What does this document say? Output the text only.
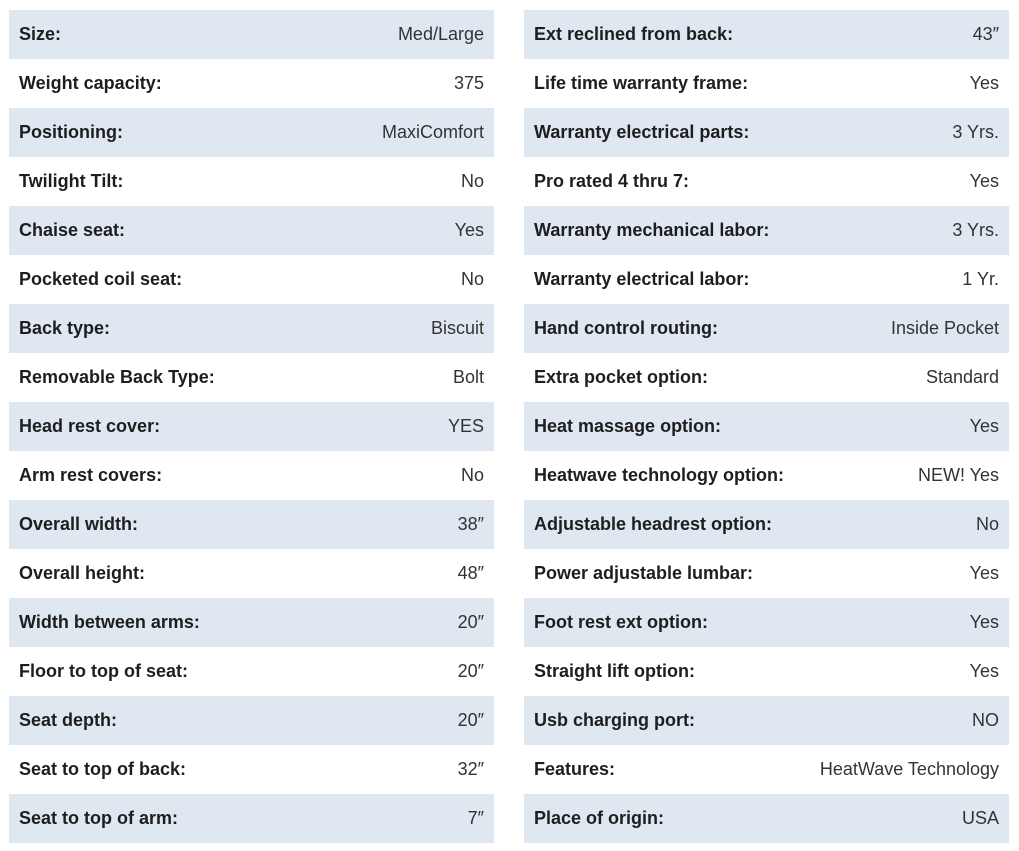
Size:	Med/Large
Weight capacity:	375
Positioning:	MaxiComfort
Twilight Tilt:	No
Chaise seat:	Yes
Pocketed coil seat:	No
Back type:	Biscuit
Removable Back Type:	Bolt
Head rest cover:	YES
Arm rest covers:	No
Overall width:	38″
Overall height:	48″
Width between arms:	20″
Floor to top of seat:	20″
Seat depth:	20″
Seat to top of back:	32″
Seat to top of arm:	7″
Ext reclined from back:	43″
Life time warranty frame:	Yes
Warranty electrical parts:	3 Yrs.
Pro rated 4 thru 7:	Yes
Warranty mechanical labor:	3 Yrs.
Warranty electrical labor:	1 Yr.
Hand control routing:	Inside Pocket
Extra pocket option:	Standard
Heat massage option:	Yes
Heatwave technology option:	NEW! Yes
Adjustable headrest option:	No
Power adjustable lumbar:	Yes
Foot rest ext option:	Yes
Straight lift option:	Yes
Usb charging port:	NO
Features:	HeatWave Technology
Place of origin:	USA
